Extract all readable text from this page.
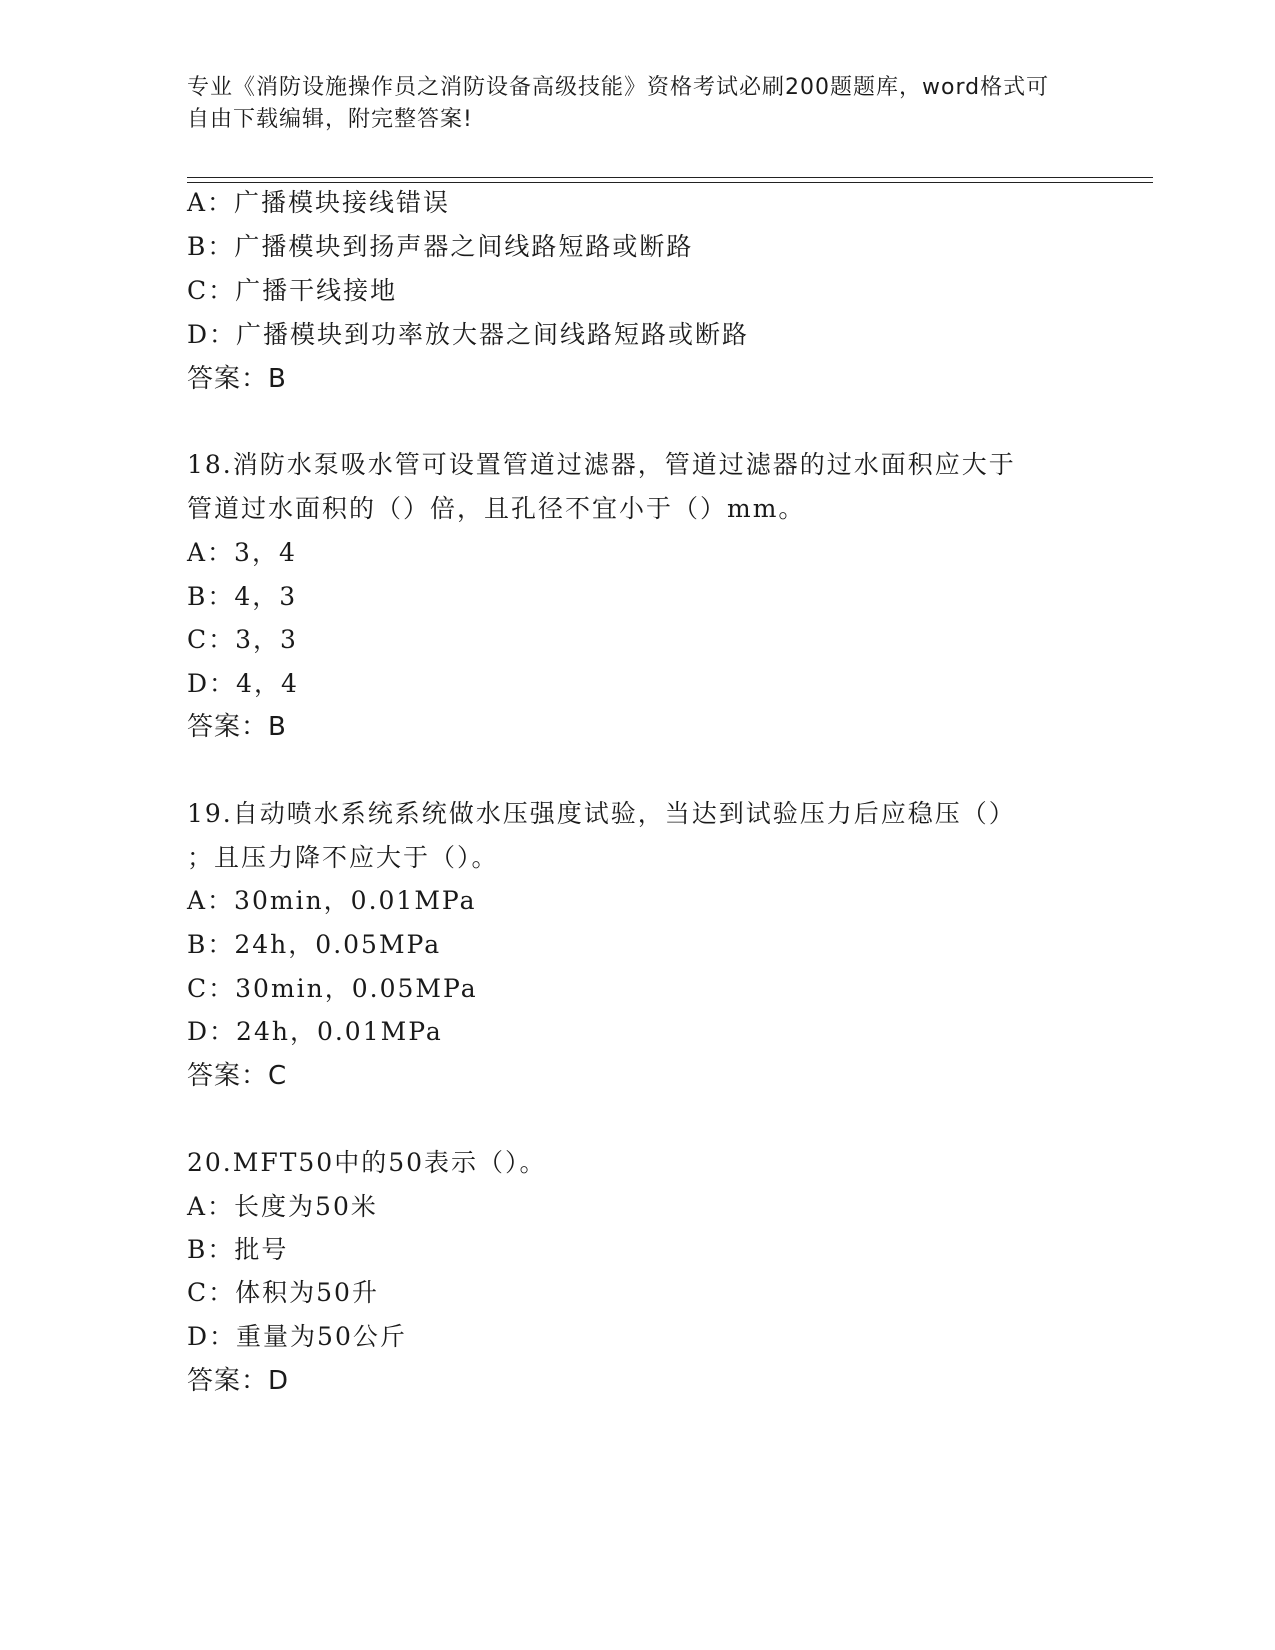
专业《消防设施操作员之消防设备高级技能》资格考试必刷200题题库，word格式可自由下载编辑，附完整答案!
A：广播模块接线错误
B：广播模块到扬声器之间线路短路或断路
C：广播干线接地
D：广播模块到功率放大器之间线路短路或断路
答案：B
18.消防水泵吸水管可设置管道过滤器，管道过滤器的过水面积应大于
管道过水面积的（）倍，且孔径不宜小于（）mm。
A：3，4
B：4，3
C：3，3
D：4，4
答案：B
19.自动喷水系统系统做水压强度试验，当达到试验压力后应稳压（）
；且压力降不应大于（）。
A：30min，0.01MPa
B：24h，0.05MPa
C：30min，0.05MPa
D：24h，0.01MPa
答案：C
20.MFT50中的50表示（）。
A：长度为50米
B：批号
C：体积为50升
D：重量为50公斤
答案：D
